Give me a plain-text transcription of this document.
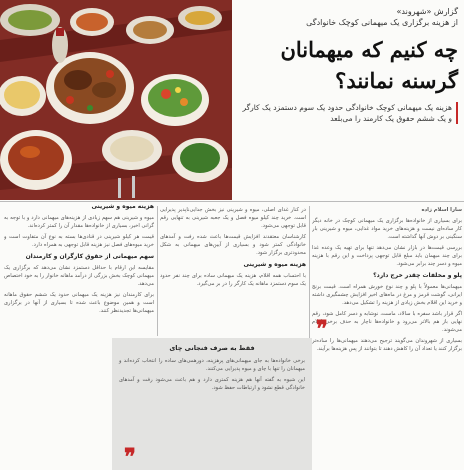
گزارش «شهروند»
از هزینه برگزاری یک میهمانی کوچک خانوادگی
چه کنیم که میهمانان
گرسنه نمانند؟
هزینه یک میهمانی کوچک خانوادگی حدود یک سوم دستمزد یک کارگر و یک ششم حقوق یک کارمند را می‌بلعد

سارا اسلام زاده

برای بسیاری از خانواده‌ها برگزاری یک میهمانی کوچک در خانه دیگر کار ساده‌ای نیست و هزینه‌های خرید مواد غذایی، میوه و شیرینی بار سنگینی بر دوش آنها گذاشته است.

بررسی قیمت‌ها در بازار نشان می‌دهد تنها برای تهیه یک وعده غذا برای چند میهمان باید مبلغ قابل توجهی پرداخت و این رقم با هزینه میوه و دسر چند برابر می‌شود.

پلو و مخلفات چقدر خرج دارد؟

میهمانی‌ها معمولاً با پلو و چند نوع خورش همراه است. قیمت برنج ایرانی، گوشت قرمز و مرغ در ماه‌های اخیر افزایش چشمگیری داشته و خرید این اقلام بخش زیادی از هزینه را تشکیل می‌دهد.

اگر قرار باشد سفره با سالاد، ماست، نوشابه و دسر کامل شود، رقم نهایی باز هم بالاتر می‌رود و خانواده‌ها ناچار به حذف برخی اقلام می‌شوند.

بسیاری از شهروندان می‌گویند ترجیح می‌دهند میهمانی‌ها را ساده‌تر برگزار کنند یا تعداد آن را کاهش دهند تا بتوانند از پس هزینه‌ها برآیند.

در کنار غذای اصلی، میوه و شیرینی نیز بخش جدایی‌ناپذیر پذیرایی است. خرید چند کیلو میوه فصل و یک جعبه شیرینی به تنهایی رقم قابل توجهی می‌شود.

کارشناسان معتقدند افزایش قیمت‌ها باعث شده رفت و آمدهای خانوادگی کمتر شود و بسیاری از آیین‌های میهمانی به شکل محدودتری برگزار شود.

هزینه میوه و شیرینی

با احتساب همه اقلام، هزینه یک میهمانی ساده برای چند نفر حدود یک سوم دستمزد ماهانه یک کارگر را در بر می‌گیرد.

هزینه میوه و شیرینی

میوه و شیرینی هم سهم زیادی از هزینه‌های میهمانی دارد و با توجه به گرانی اخیر، بسیاری از خانواده‌ها مقدار آن را کمتر کرده‌اند.

قیمت هر کیلو شیرینی در قنادی‌ها بسته به نوع آن متفاوت است و خرید میوه‌های فصل نیز هزینه قابل توجهی به همراه دارد.

سهم میهمانی از حقوق کارگران و کارمندان

مقایسه این ارقام با حداقل دستمزد نشان می‌دهد که برگزاری یک میهمانی کوچک بخش بزرگی از درآمد ماهانه خانوار را به خود اختصاص می‌دهد.

برای کارمندان نیز هزینه یک میهمانی حدود یک ششم حقوق ماهانه است و همین موضوع باعث شده تا بسیاری از آنها در برگزاری میهمانی‌ها تجدیدنظر کنند.

❞
فقط به صرف فنجانی چای

برخی خانواده‌ها به جای میهمانی‌های پرهزینه، دورهمی‌های ساده را انتخاب کرده‌اند و میهمانان را تنها با چای و میوه پذیرایی می‌کنند.

این شیوه به گفته آنها هم هزینه کمتری دارد و هم باعث می‌شود رفت و آمدهای خانوادگی قطع نشود و ارتباطات حفظ شود.

❞
